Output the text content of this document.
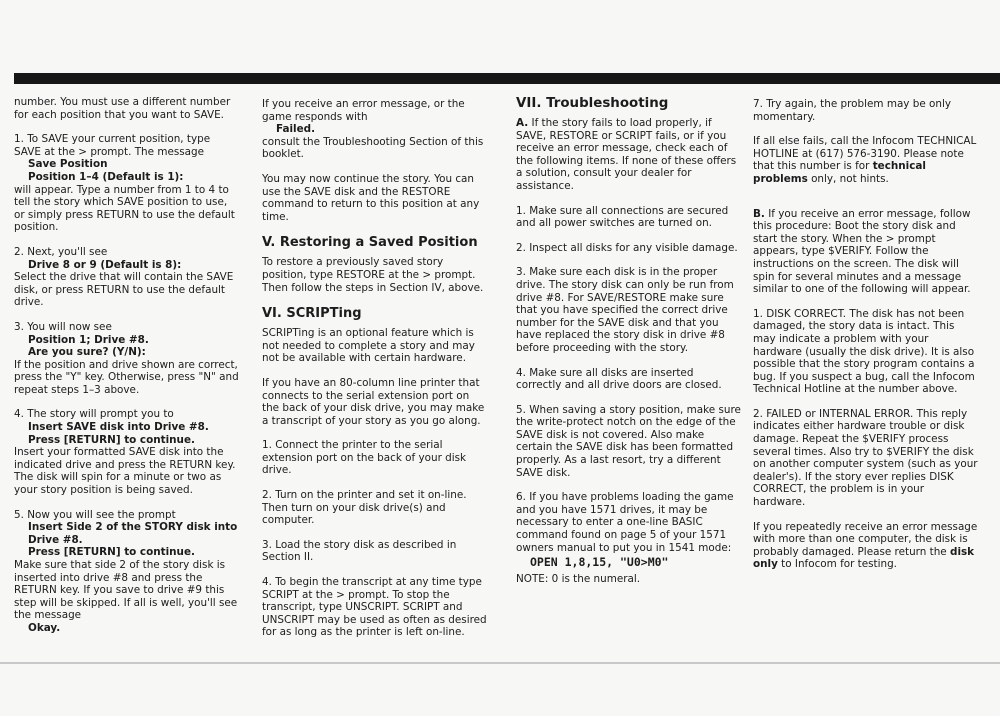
number. You must use a different number for each position that you want to SAVE.

1. To SAVE your current position, type SAVE at the > prompt. The message
Save Position
Position 1–4 (Default is 1):
will appear. Type a number from 1 to 4 to tell the story which SAVE position to use, or simply press RETURN to use the default position.
2. Next, you'll see
Drive 8 or 9 (Default is 8):
Select the drive that will contain the SAVE disk, or press RETURN to use the default drive.
3. You will now see
Position 1; Drive #8.
Are you sure? (Y/N):
If the position and drive shown are correct, press the "Y" key. Otherwise, press "N" and repeat steps 1–3 above.
4. The story will prompt you to
Insert SAVE disk into Drive #8.
Press [RETURN] to continue.
Insert your formatted SAVE disk into the indicated drive and press the RETURN key. The disk will spin for a minute or two as your story position is being saved.
5. Now you will see the prompt
Insert Side 2 of the STORY disk into
Drive #8.
Press [RETURN] to continue.
Make sure that side 2 of the story disk is inserted into drive #8 and press the RETURN key. If you save to drive #9 this step will be skipped. If all is well, you'll see the message
Okay.
If you receive an error message, or the game responds with
Failed.
consult the Troubleshooting Section of this booklet.

You may now continue the story. You can use the SAVE disk and the RESTORE command to return to this position at any time.

V. Restoring a Saved Position

To restore a previously saved story position, type RESTORE at the > prompt. Then follow the steps in Section IV, above.

VI. SCRIPTing

SCRIPTing is an optional feature which is not needed to complete a story and may not be available with certain hardware.

If you have an 80-column line printer that connects to the serial extension port on the back of your disk drive, you may make a transcript of your story as you go along.

1. Connect the printer to the serial extension port on the back of your disk drive.

2. Turn on the printer and set it on-line. Then turn on your disk drive(s) and computer.

3. Load the story disk as described in Section II.

4. To begin the transcript at any time type SCRIPT at the > prompt. To stop the transcript, type UNSCRIPT. SCRIPT and UNSCRIPT may be used as often as desired for as long as the printer is left on-line.

VII. Troubleshooting

A. If the story fails to load properly, if SAVE, RESTORE or SCRIPT fails, or if you receive an error message, check each of the following items. If none of these offers a solution, consult your dealer for assistance.

1. Make sure all connections are secured and all power switches are turned on.

2. Inspect all disks for any visible damage.

3. Make sure each disk is in the proper drive. The story disk can only be run from drive #8. For SAVE/RESTORE make sure that you have specified the correct drive number for the SAVE disk and that you have replaced the story disk in drive #8 before proceeding with the story.

4. Make sure all disks are inserted correctly and all drive doors are closed.

5. When saving a story position, make sure the write-protect notch on the edge of the SAVE disk is not covered. Also make certain the SAVE disk has been formatted properly. As a last resort, try a different SAVE disk.

6. If you have problems loading the game and you have 1571 drives, it may be necessary to enter a one-line BASIC command found on page 5 of your 1571 owners manual to put you in 1541 mode:
OPEN 1,8,15, "U0>M0"
NOTE: 0 is the numeral.

7. Try again, the problem may be only momentary.

If all else fails, call the Infocom TECHNICAL HOTLINE at (617) 576-3190. Please note that this number is for technical problems only, not hints.

B. If you receive an error message, follow this procedure: Boot the story disk and start the story. When the > prompt appears, type $VERIFY. Follow the instructions on the screen. The disk will spin for several minutes and a message similar to one of the following will appear.

1. DISK CORRECT. The disk has not been damaged, the story data is intact. This may indicate a problem with your hardware (usually the disk drive). It is also possible that the story program contains a bug. If you suspect a bug, call the Infocom Technical Hotline at the number above.

2. FAILED or INTERNAL ERROR. This reply indicates either hardware trouble or disk damage. Repeat the $VERIFY process several times. Also try to $VERIFY the disk on another computer system (such as your dealer's). If the story ever replies DISK CORRECT, the problem is in your hardware.

If you repeatedly receive an error message with more than one computer, the disk is probably damaged. Please return the disk only to Infocom for testing.
